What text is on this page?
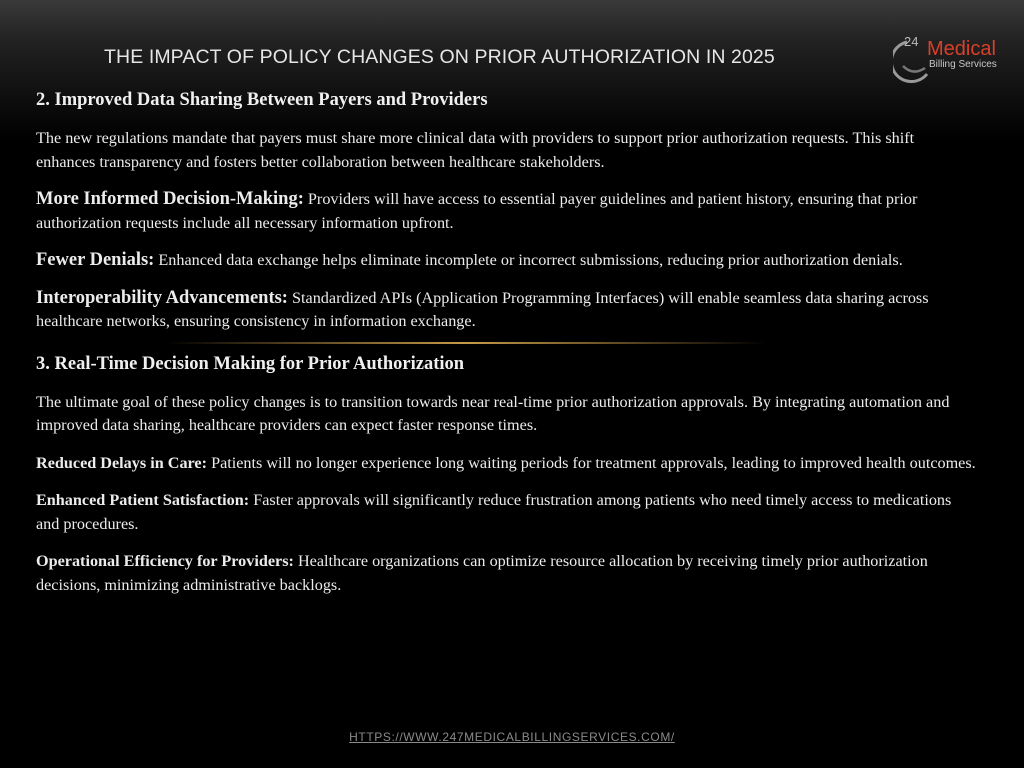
THE IMPACT OF POLICY CHANGES ON PRIOR AUTHORIZATION IN 2025
24 Medical
Billing Services
2. Improved Data Sharing Between Payers and Providers
The new regulations mandate that payers must share more clinical data with providers to support prior authorization requests. This shift enhances transparency and fosters better collaboration between healthcare stakeholders.
More Informed Decision-Making: Providers will have access to essential payer guidelines and patient history, ensuring that prior authorization requests include all necessary information upfront.
Fewer Denials: Enhanced data exchange helps eliminate incomplete or incorrect submissions, reducing prior authorization denials.
Interoperability Advancements: Standardized APIs (Application Programming Interfaces) will enable seamless data sharing across healthcare networks, ensuring consistency in information exchange.
3. Real-Time Decision Making for Prior Authorization
The ultimate goal of these policy changes is to transition towards near real-time prior authorization approvals. By integrating automation and improved data sharing, healthcare providers can expect faster response times.
Reduced Delays in Care: Patients will no longer experience long waiting periods for treatment approvals, leading to improved health outcomes.
Enhanced Patient Satisfaction: Faster approvals will significantly reduce frustration among patients who need timely access to medications and procedures.
Operational Efficiency for Providers: Healthcare organizations can optimize resource allocation by receiving timely prior authorization decisions, minimizing administrative backlogs.
HTTPS://WWW.247MEDICALBILLINGSERVICES.COM/
